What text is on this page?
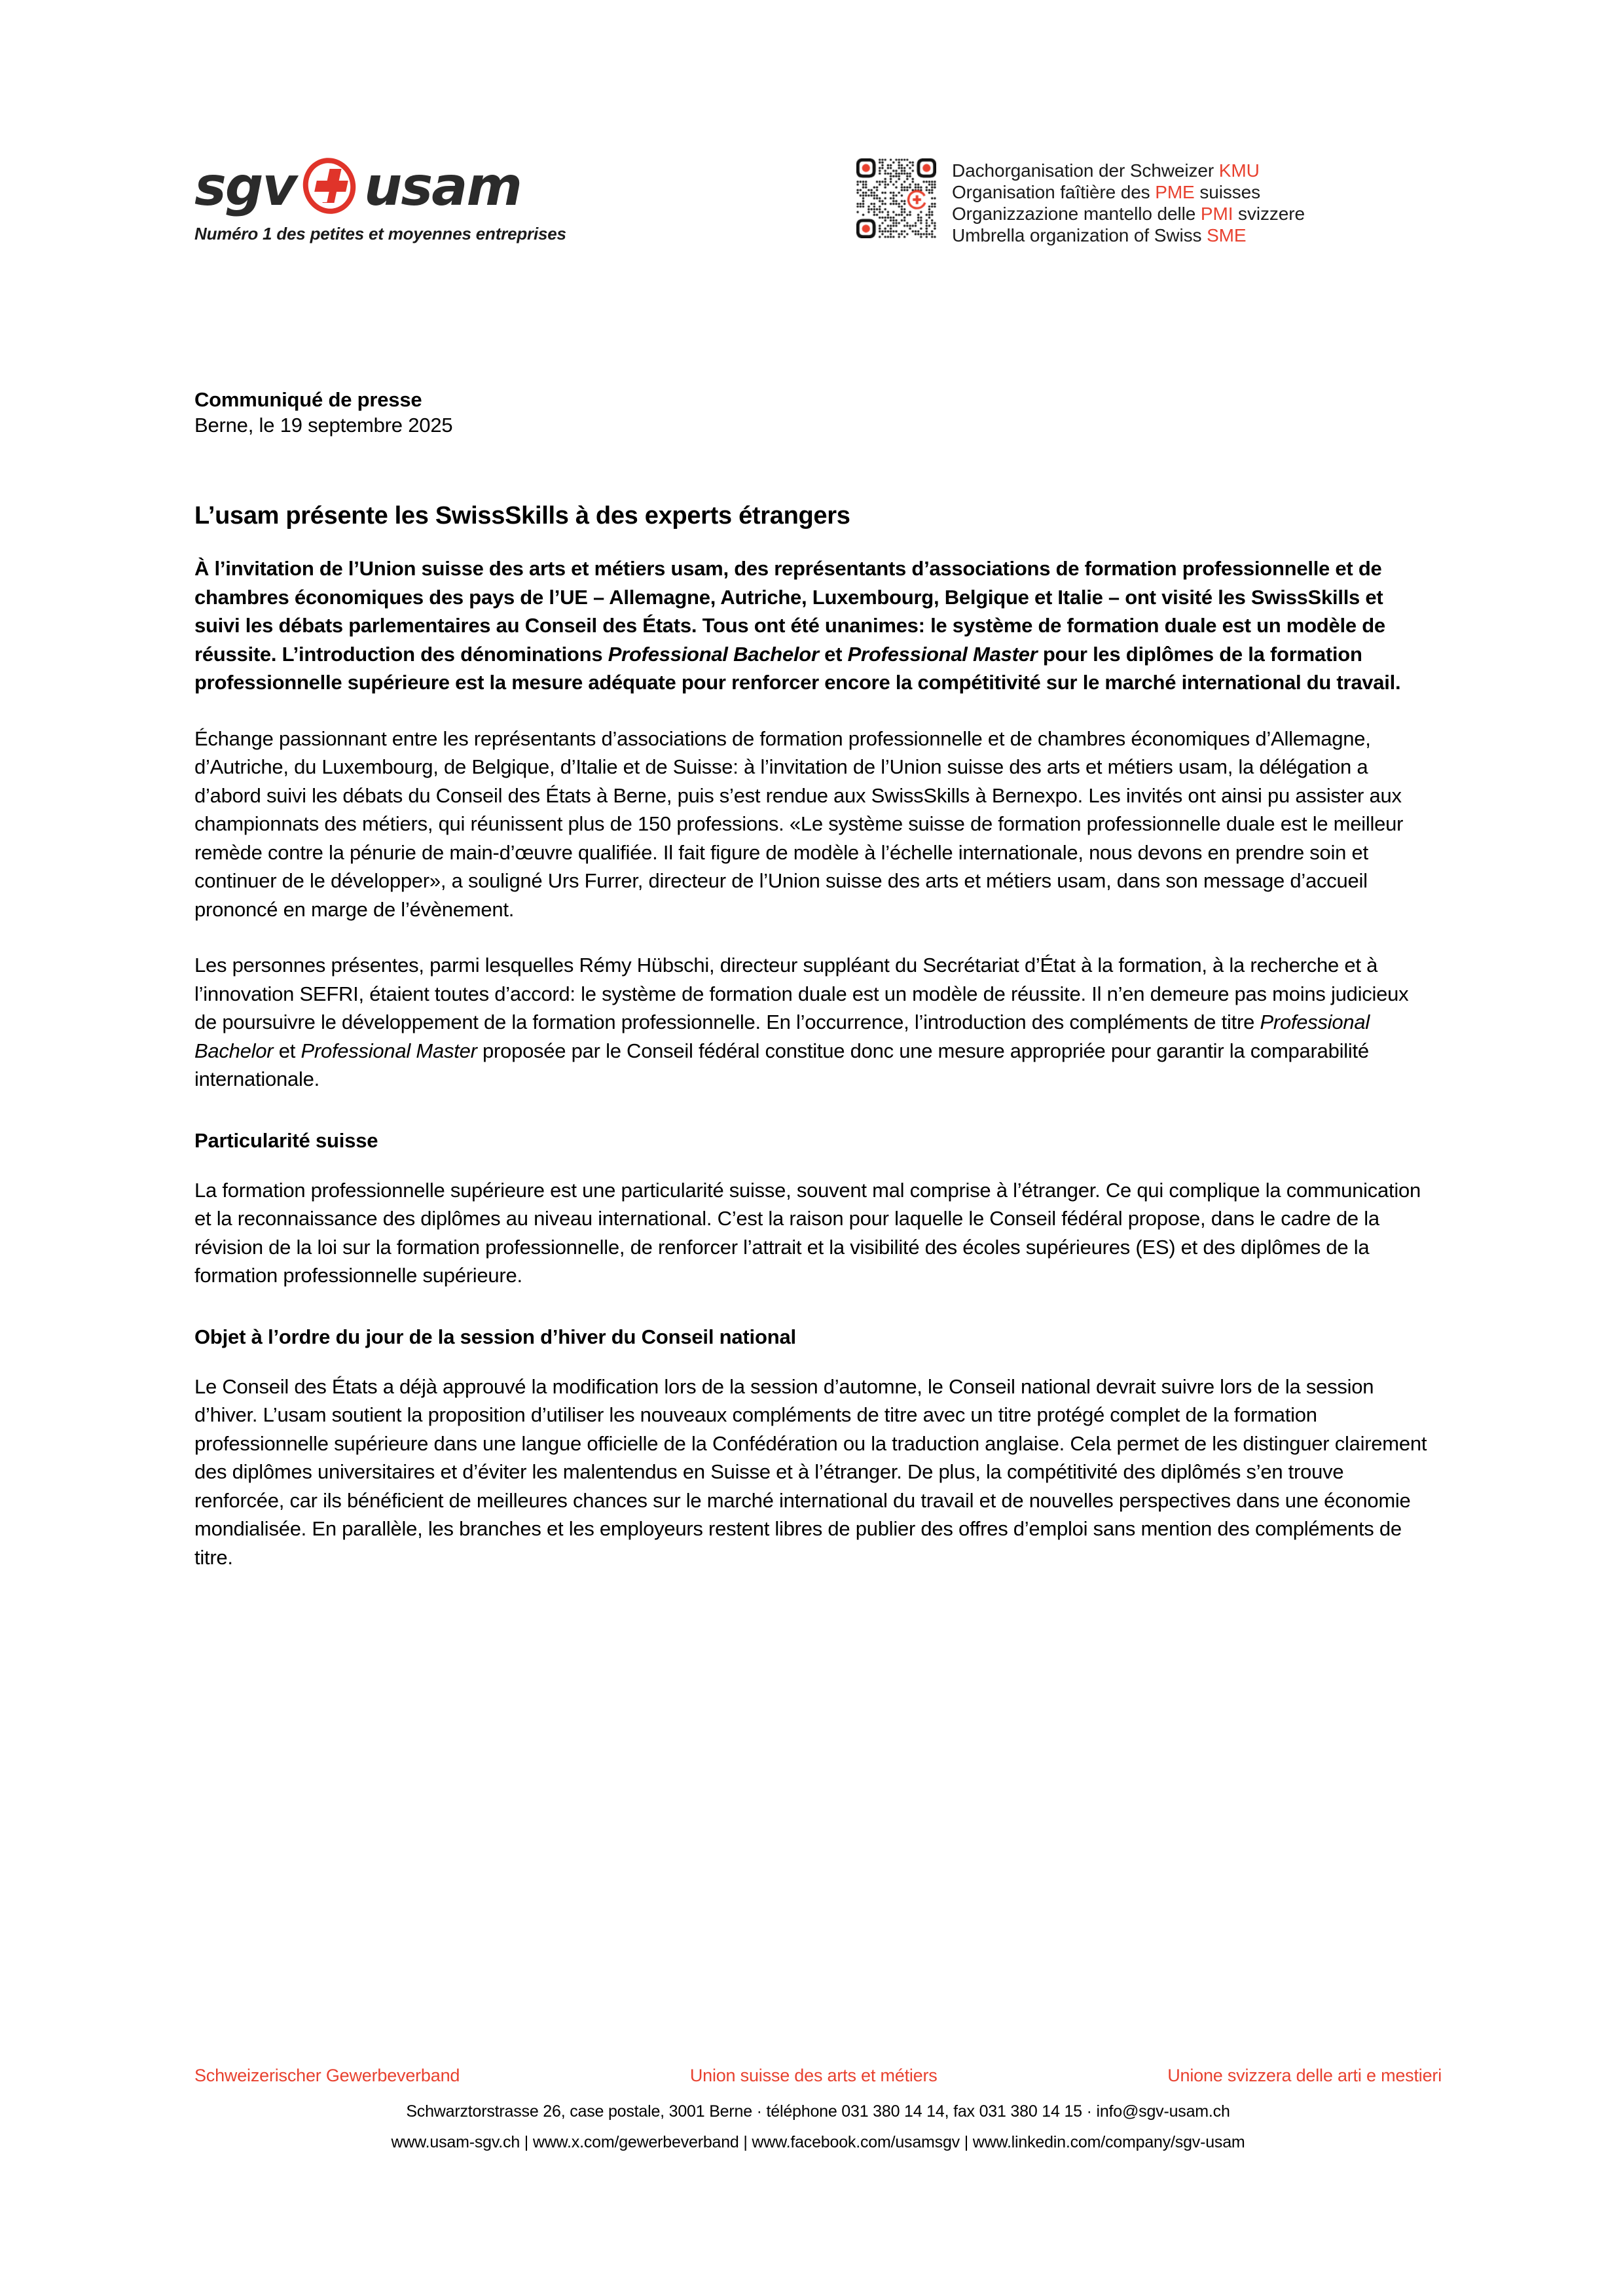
sgv usam
Numéro 1 des petites et moyennes entreprises
Dachorganisation der Schweizer KMU
Organisation faîtière des PME suisses
Organizzazione mantello delle PMI svizzere
Umbrella organization of Swiss SME
Communiqué de presse
Berne, le 19 septembre 2025
L’usam présente les SwissSkills à des experts étrangers

À l’invitation de l’Union suisse des arts et métiers usam, des représentants d’associations de formation professionnelle et de chambres économiques des pays de l’UE – Allemagne, Autriche, Luxembourg, Belgique et Italie – ont visité les SwissSkills et suivi les débats parlementaires au Conseil des États. Tous ont été unanimes: le système de formation duale est un modèle de réussite. L’introduction des dénominations Professional Bachelor et Professional Master pour les diplômes de la formation professionnelle supérieure est la mesure adéquate pour renforcer encore la compétitivité sur le marché international du travail.

Échange passionnant entre les représentants d’associations de formation professionnelle et de chambres économiques d’Allemagne, d’Autriche, du Luxembourg, de Belgique, d’Italie et de Suisse: à l’invitation de l’Union suisse des arts et métiers usam, la délégation a d’abord suivi les débats du Conseil des États à Berne, puis s’est rendue aux SwissSkills à Bernexpo. Les invités ont ainsi pu assister aux championnats des métiers, qui réunissent plus de 150 professions. «Le système suisse de formation professionnelle duale est le meilleur remède contre la pénurie de main-d’œuvre qualifiée. Il fait figure de modèle à l’échelle internationale, nous devons en prendre soin et continuer de le développer», a souligné Urs Furrer, directeur de l’Union suisse des arts et métiers usam, dans son message d’accueil prononcé en marge de l’évènement.

Les personnes présentes, parmi lesquelles Rémy Hübschi, directeur suppléant du Secrétariat d’État à la formation, à la recherche et à l’innovation SEFRI, étaient toutes d’accord: le système de formation duale est un modèle de réussite. Il n’en demeure pas moins judicieux de poursuivre le développement de la formation professionnelle. En l’occurrence, l’introduction des compléments de titre Professional Bachelor et Professional Master proposée par le Conseil fédéral constitue donc une mesure appropriée pour garantir la comparabilité internationale.

Particularité suisse

La formation professionnelle supérieure est une particularité suisse, souvent mal comprise à l’étranger. Ce qui complique la communication et la reconnaissance des diplômes au niveau international. C’est la raison pour laquelle le Conseil fédéral propose, dans le cadre de la révision de la loi sur la formation professionnelle, de renforcer l’attrait et la visibilité des écoles supérieures (ES) et des diplômes de la formation professionnelle supérieure.

Objet à l’ordre du jour de la session d’hiver du Conseil national

Le Conseil des États a déjà approuvé la modification lors de la session d’automne, le Conseil national devrait suivre lors de la session d’hiver. L’usam soutient la proposition d’utiliser les nouveaux compléments de titre avec un titre protégé complet de la formation professionnelle supérieure dans une langue officielle de la Confédération ou la traduction anglaise. Cela permet de les distinguer clairement des diplômes universitaires et d’éviter les malentendus en Suisse et à l’étranger. De plus, la compétitivité des diplômés s’en trouve renforcée, car ils bénéficient de meilleures chances sur le marché international du travail et de nouvelles perspectives dans une économie mondialisée. En parallèle, les branches et les employeurs restent libres de publier des offres d’emploi sans mention des compléments de titre.

Schweizerischer Gewerbeverband	Union suisse des arts et métiers	Unione svizzera delle arti e mestieri
Schwarztorstrasse 26, case postale, 3001 Berne · téléphone 031 380 14 14, fax 031 380 14 15 · info@sgv-usam.ch
www.usam-sgv.ch | www.x.com/gewerbeverband | www.facebook.com/usamsgv | www.linkedin.com/company/sgv-usam
